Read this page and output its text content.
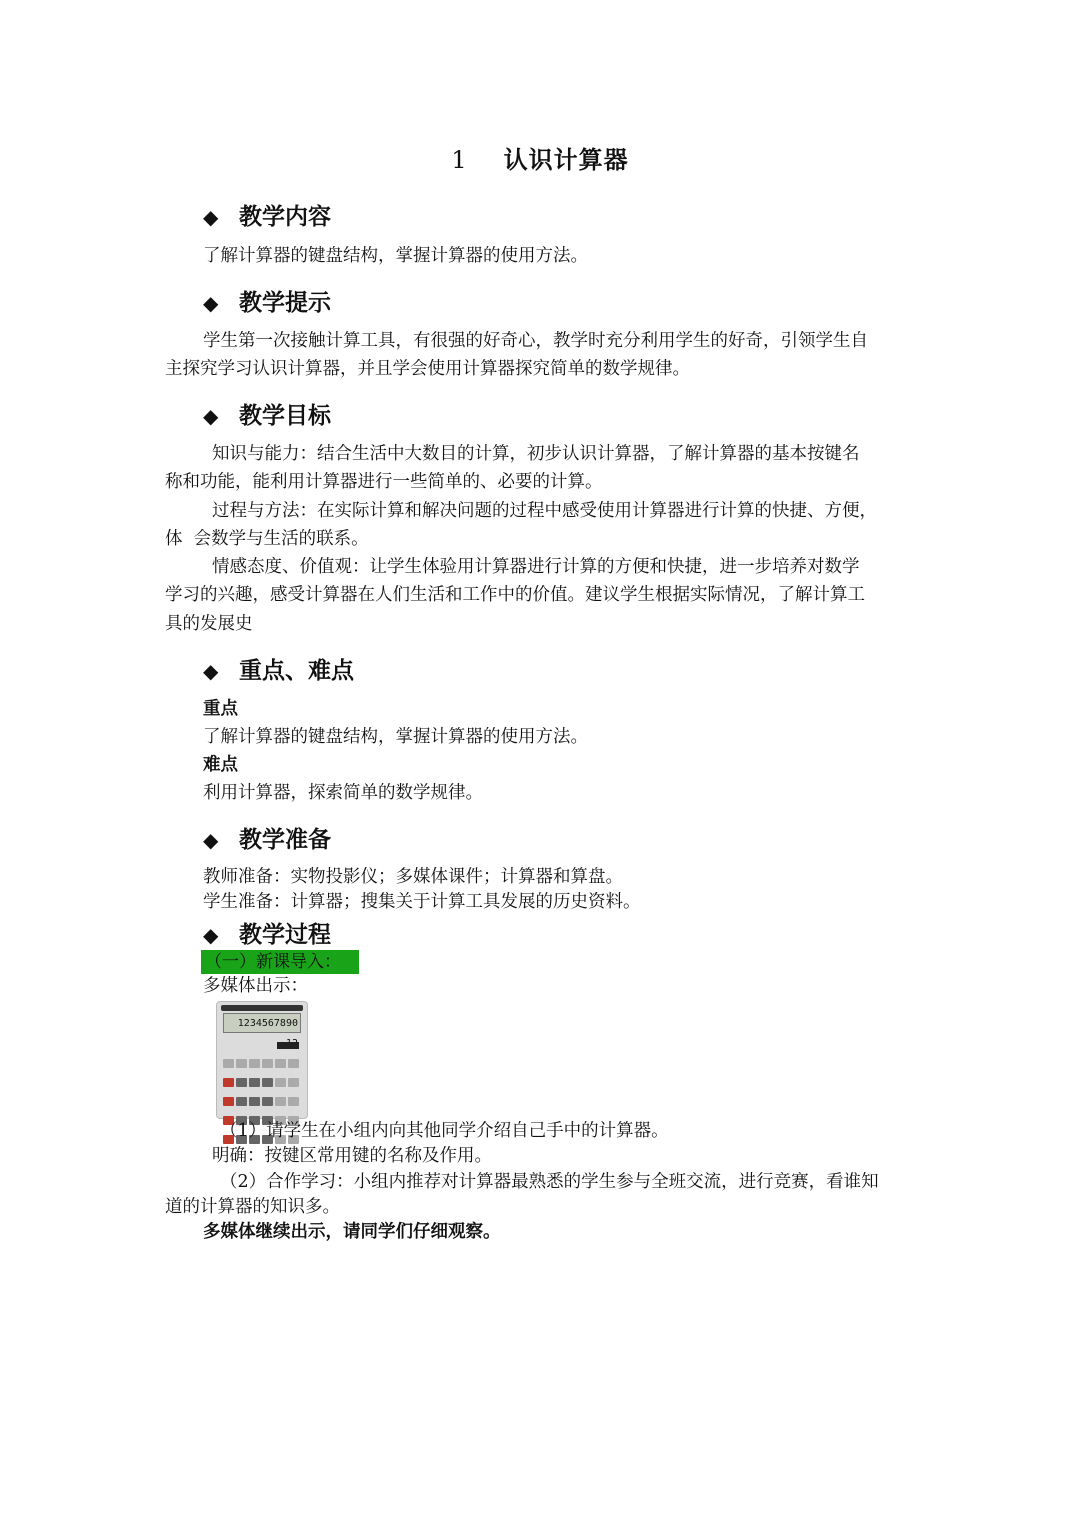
1 认识计算器
◆ 教学内容
了解计算器的键盘结构，掌握计算器的使用方法。
◆ 教学提示
学生第一次接触计算工具，有很强的好奇心，教学时充分利用学生的好奇，引领学生自
主探究学习认识计算器，并且学会使用计算器探究简单的数学规律。
◆ 教学目标
知识与能力：结合生活中大数目的计算，初步认识计算器，了解计算器的基本按键名
称和功能，能利用计算器进行一些简单的、必要的计算。
过程与方法：在实际计算和解决问题的过程中感受使用计算器进行计算的快捷、方便，
体  会数学与生活的联系。
情感态度、价值观：让学生体验用计算器进行计算的方便和快捷，进一步培养对数学
学习的兴趣，感受计算器在人们生活和工作中的价值。建议学生根据实际情况，了解计算工
具的发展史
◆ 重点、难点
重点
了解计算器的键盘结构，掌握计算器的使用方法。
难点
利用计算器，探索简单的数学规律。
◆ 教学准备
教师准备：实物投影仪；多媒体课件；计算器和算盘。
学生准备：计算器；搜集关于计算工具发展的历史资料。
◆ 教学过程
（一）新课导入：
多媒体出示：
1234567890

（1）请学生在小组内向其他同学介绍自己手中的计算器。
明确：按键区常用键的名称及作用。
（2）合作学习：小组内推荐对计算器最熟悉的学生参与全班交流，进行竞赛，看谁知
道的计算器的知识多。
多媒体继续出示，请同学们仔细观察。
